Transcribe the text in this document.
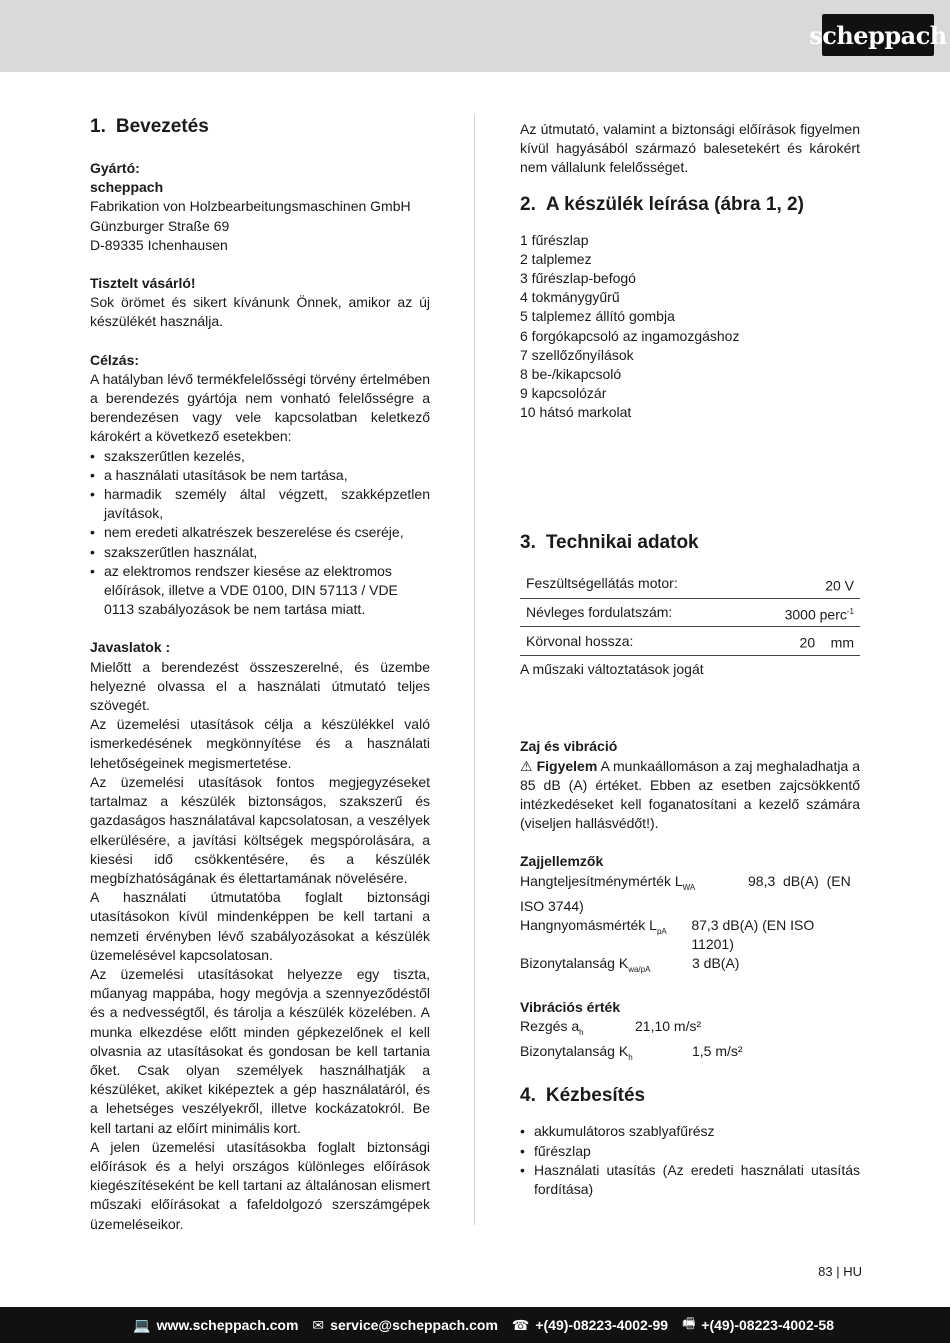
scheppach
1. Bevezetés

Gyártó:

scheppach

Fabrikation von Holzbearbeitungsmaschinen GmbH

Günzburger Straße 69

D-89335 Ichenhausen

Tisztelt vásárló!

Sok örömet és sikert kívánunk Önnek, amikor az új készülékét használja.

Célzás:

A hatályban lévő termékfelelősségi törvény értelmében a berendezés gyártója nem vonható felelősségre a berendezésen vagy vele kapcsolatban keletkező károkért a következő esetekben:

• szakszerűtlen kezelés,
• a használati utasítások be nem tartása,
• harmadik személy által végzett, szakképzetlen javítások,
• nem eredeti alkatrészek beszerelése és cseréje,
• szakszerűtlen használat,
• az elektromos rendszer kiesése az elektromos előírások, illetve a VDE 0100, DIN 57113 / VDE 0113 szabályozások be nem tartása miatt.

Javaslatok :

Mielőtt a berendezést összeszerelné, és üzembe helyezné olvassa el a használati útmutató teljes szövegét.

Az üzemelési utasítások célja a készülékkel való ismerkedésének megkönnyítése és a használati lehetőségeinek megismertetése.

Az üzemelési utasítások fontos megjegyzéseket tartalmaz a készülék biztonságos, szakszerű és gazdaságos használatával kapcsolatosan, a veszélyek elkerülésére, a javítási költségek megspórolására, a kiesési idő csökkentésére, és a készülék megbízhatóságának és élettartamának növelésére.

A használati útmutatóba foglalt biztonsági utasításokon kívül mindenképpen be kell tartani a nemzeti érvényben lévő szabályozásokat a készülék üzemelésével kapcsolatosan.

Az üzemelési utasításokat helyezze egy tiszta, műanyag mappába, hogy megóvja a szennyeződéstől és a nedvességtől, és tárolja a készülék közelében. A munka elkezdése előtt minden gépkezelőnek el kell olvasnia az utasításokat és gondosan be kell tartania őket. Csak olyan személyek használhatják a készüléket, akiket kiképeztek a gép használatáról, és a lehetséges veszélyekről, illetve kockázatokról. Be kell tartani az előírt minimális kort.

A jelen üzemelési utasításokba foglalt biztonsági előírások és a helyi országos különleges előírások kiegészítéseként be kell tartani az általánosan elismert műszaki előírásokat a fafeldolgozó szerszámgépek üzemeléseikor.

Az útmutató, valamint a biztonsági előírások figyelmen kívül hagyásából származó balesetekért és károkért nem vállalunk felelősséget.

2. A készülék leírása (ábra 1, 2)

1 fűrészlap

2 talplemez

3 fűrészlap-befogó

4 tokmánygyűrű

5 talplemez állító gombja

6 forgókapcsoló az ingamozgáshoz

7 szellőzőnyílások

8 be-/kikapcsoló

9 kapcsolózár

10 hátsó markolat

3. Technikai adatok
Feszültségellátás motor:	20 V
Névleges fordulatszám:	3000 perc$^{-1}$
Körvonal hossza:	20    mm

A műszaki változtatások jogát

Zaj és vibráció

⚠ Figyelem A munkaállomáson a zaj meghaladhatja a 85 dB (A) értéket. Ebben az esetben zajcsökkentő intézkedéseket kell foganatosítani a kezelő számára (viseljen hallásvédőt!).

Zajjellemzők

Hangteljesítménymérték $L_{WA}$	98,3  dB(A)  (EN

ISO 3744)

Hangnyomásmérték $L_{pA}$	87,3 dB(A) (EN ISO 11201)
Bizonytalanság $K_{wa/pA}$	3 dB(A)

Vibrációs érték

Rezgés $a_h$	21,10 m/s²
Bizonytalanság $K_h$	1,5 m/s²
4. Kézbesítés
• akkumulátoros szablyafűrész
• fűrészlap
• Használati utasítás (Az eredeti használati utasítás fordítása)
83 | HU
💻 www.scheppach.com ✉ service@scheppach.com ☎ +(49)-08223-4002-99 🖷 +(49)-08223-4002-58
